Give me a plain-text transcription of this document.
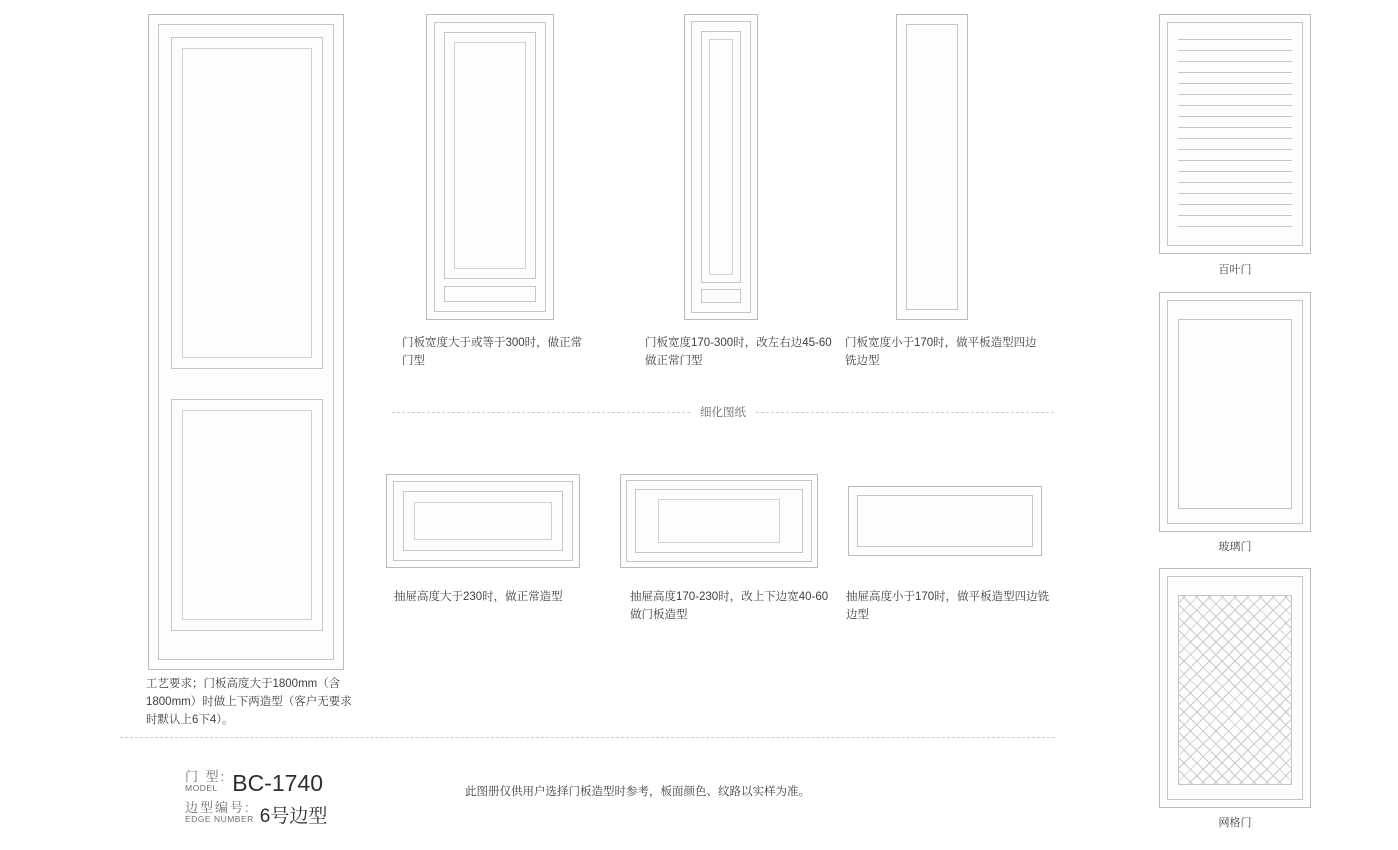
工艺要求；门板高度大于1800mm（含1800mm）时做上下两造型（客户无要求时默认上6下4）。
门板宽度大于或等于300时，做正常门型
门板宽度170-300时，改左右边45-60做正常门型
门板宽度小于170时，做平板造型四边铣边型
细化图纸
抽屉高度大于230时，做正常造型	抽屉高度170-230时，改上下边宽40-60做门板造型
抽屉高度小于170时，做平板造型四边铣边型
门 型:
MODEL BC-1740
边型编号:
EDGE NUMBER 6号边型
此图册仅供用户选择门板造型时参考，板面颜色、纹路以实样为准。
百叶门
玻璃门
网格门
